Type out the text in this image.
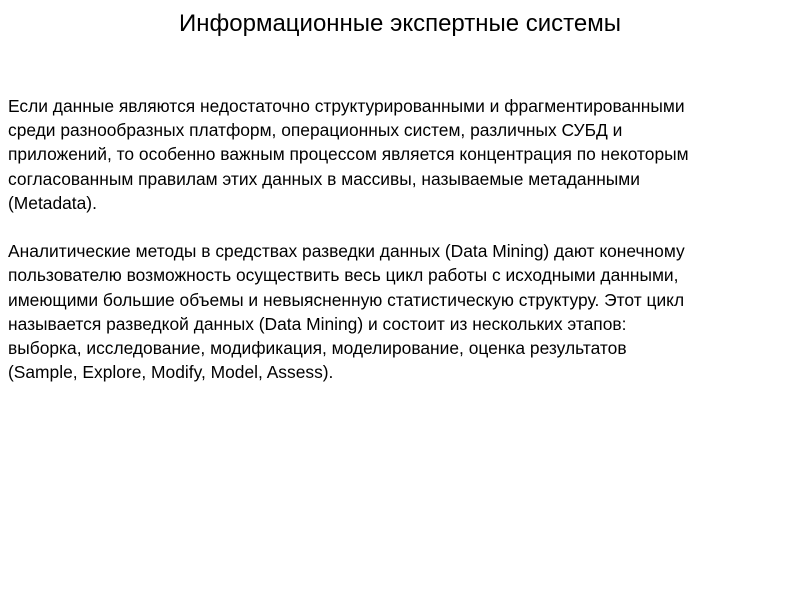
Информационные экспертные системы

Если данные являются недостаточно структурированными и фрагментированными
среди разнообразных платформ, операционных систем, различных СУБД и
приложений, то особенно важным процессом является концентрация по некоторым
согласованным правилам этих данных в массивы, называемые метаданными
(Metadata).

Аналитические методы в средствах разведки данных (Data Mining) дают конечному
пользователю возможность осуществить весь цикл работы с исходными данными,
имеющими большие объемы и невыясненную статистическую структуру. Этот цикл
называется разведкой данных (Data Mining) и состоит из нескольких этапов:
выборка, исследование, модификация, моделирование, оценка результатов
(Sample, Explore, Modify, Model, Assess).
